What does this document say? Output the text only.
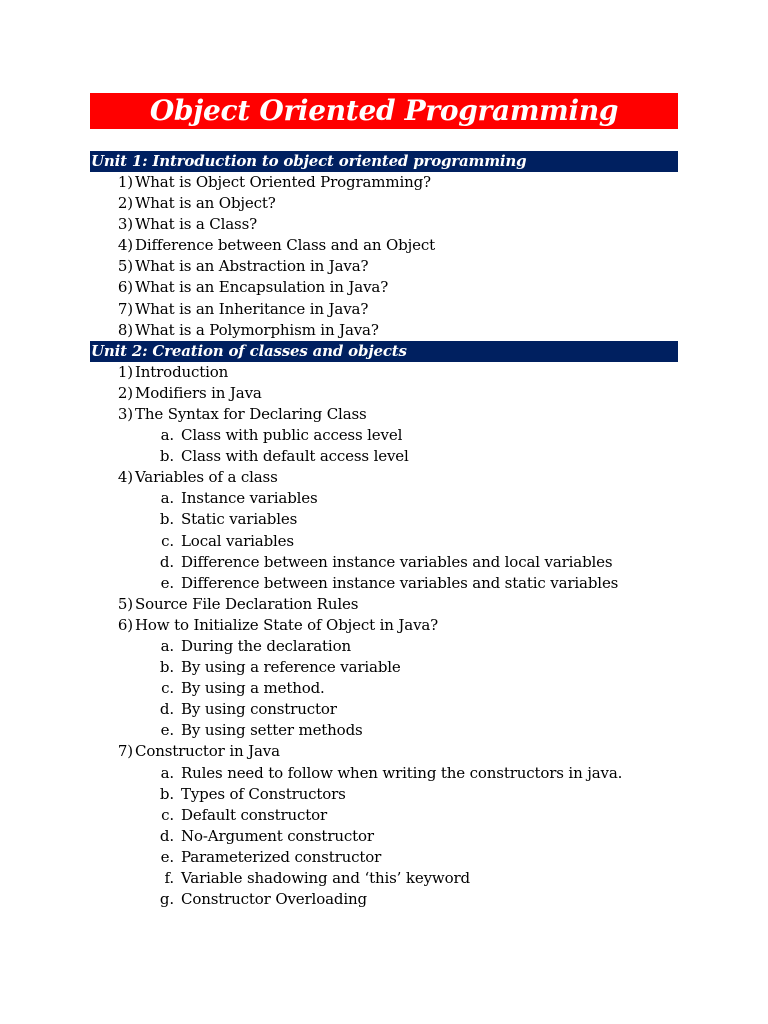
Object Oriented Programming
Unit 1: Introduction to object oriented programming
1) What is Object Oriented Programming?
2) What is an Object?
3) What is a Class?
4) Difference between Class and an Object
5) What is an Abstraction in Java?
6) What is an Encapsulation in Java?
7) What is an Inheritance in Java?
8) What is a Polymorphism in Java?
Unit 2: Creation of classes and objects
1) Introduction
2) Modifiers in Java
3) The Syntax for Declaring Class
a. Class with public access level
b. Class with default access level
4) Variables of a class
a. Instance variables
b. Static variables
c. Local variables
d. Difference between instance variables and local variables
e. Difference between instance variables and static variables
5) Source File Declaration Rules
6) How to Initialize State of Object in Java?
a. During the declaration
b. By using a reference variable
c. By using a method.
d. By using constructor
e. By using setter methods
7) Constructor in Java
a. Rules need to follow when writing the constructors in java.
b. Types of Constructors
c. Default constructor
d. No-Argument constructor
e. Parameterized constructor
f. Variable shadowing and ‘this’ keyword
g. Constructor Overloading
